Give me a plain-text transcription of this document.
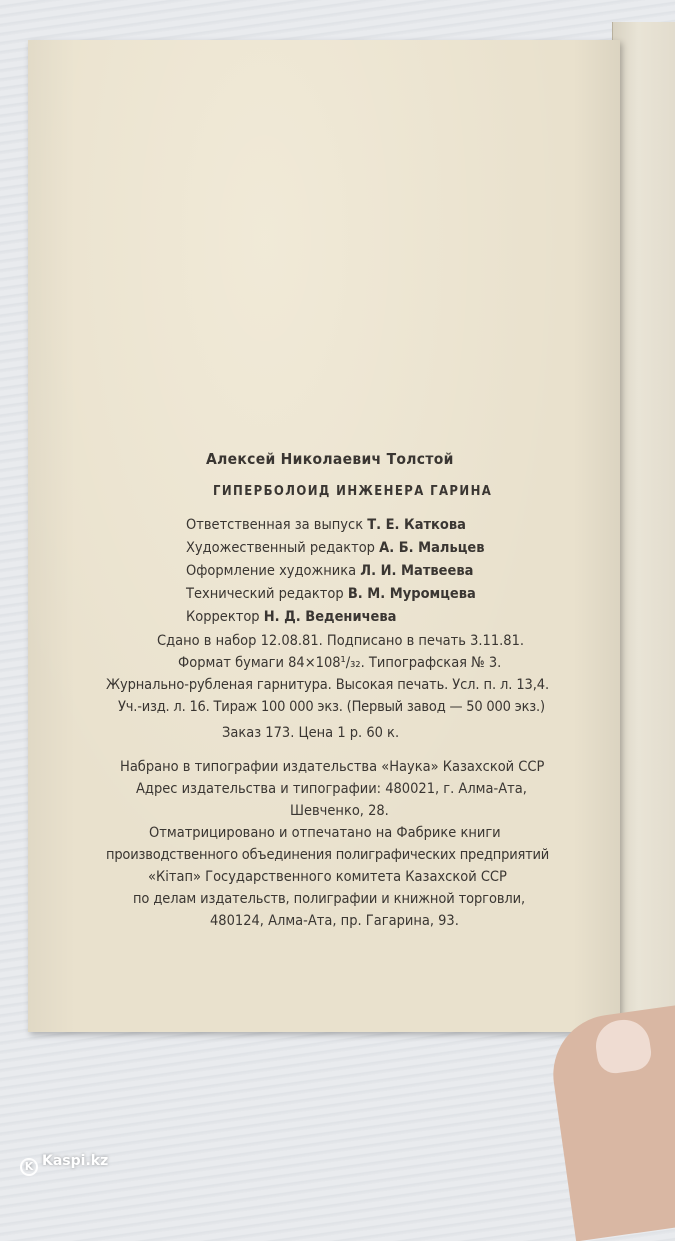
Алексей Николаевич Толстой
ГИПЕРБОЛОИД ИНЖЕНЕРА ГАРИНА
Ответственная за выпуск Т. Е. Каткова
Художественный редактор А. Б. Мальцев
Оформление художника Л. И. Матвеева
Технический редактор В. М. Муромцева
Корректор Н. Д. Веденичева
Сдано в набор 12.08.81. Подписано в печать 3.11.81.
Формат бумаги 84×108¹/₃₂. Типографская № 3.
Журнально-рубленая гарнитура. Высокая печать. Усл. п. л. 13,4.
Уч.-изд. л. 16. Тираж 100 000 экз. (Первый завод — 50 000 экз.)
Заказ 173. Цена 1 р. 60 к.
Набрано в типографии издательства «Наука» Казахской ССР
Адрес издательства и типографии: 480021, г. Алма-Ата,
Шевченко, 28.
Отматрицировано и отпечатано на Фабрике книги
производственного объединения полиграфических предприятий
«Кітап» Государственного комитета Казахской ССР
по делам издательств, полиграфии и книжной торговли,
480124, Алма-Ата, пр. Гагарина, 93.
K Kaspi.kz
